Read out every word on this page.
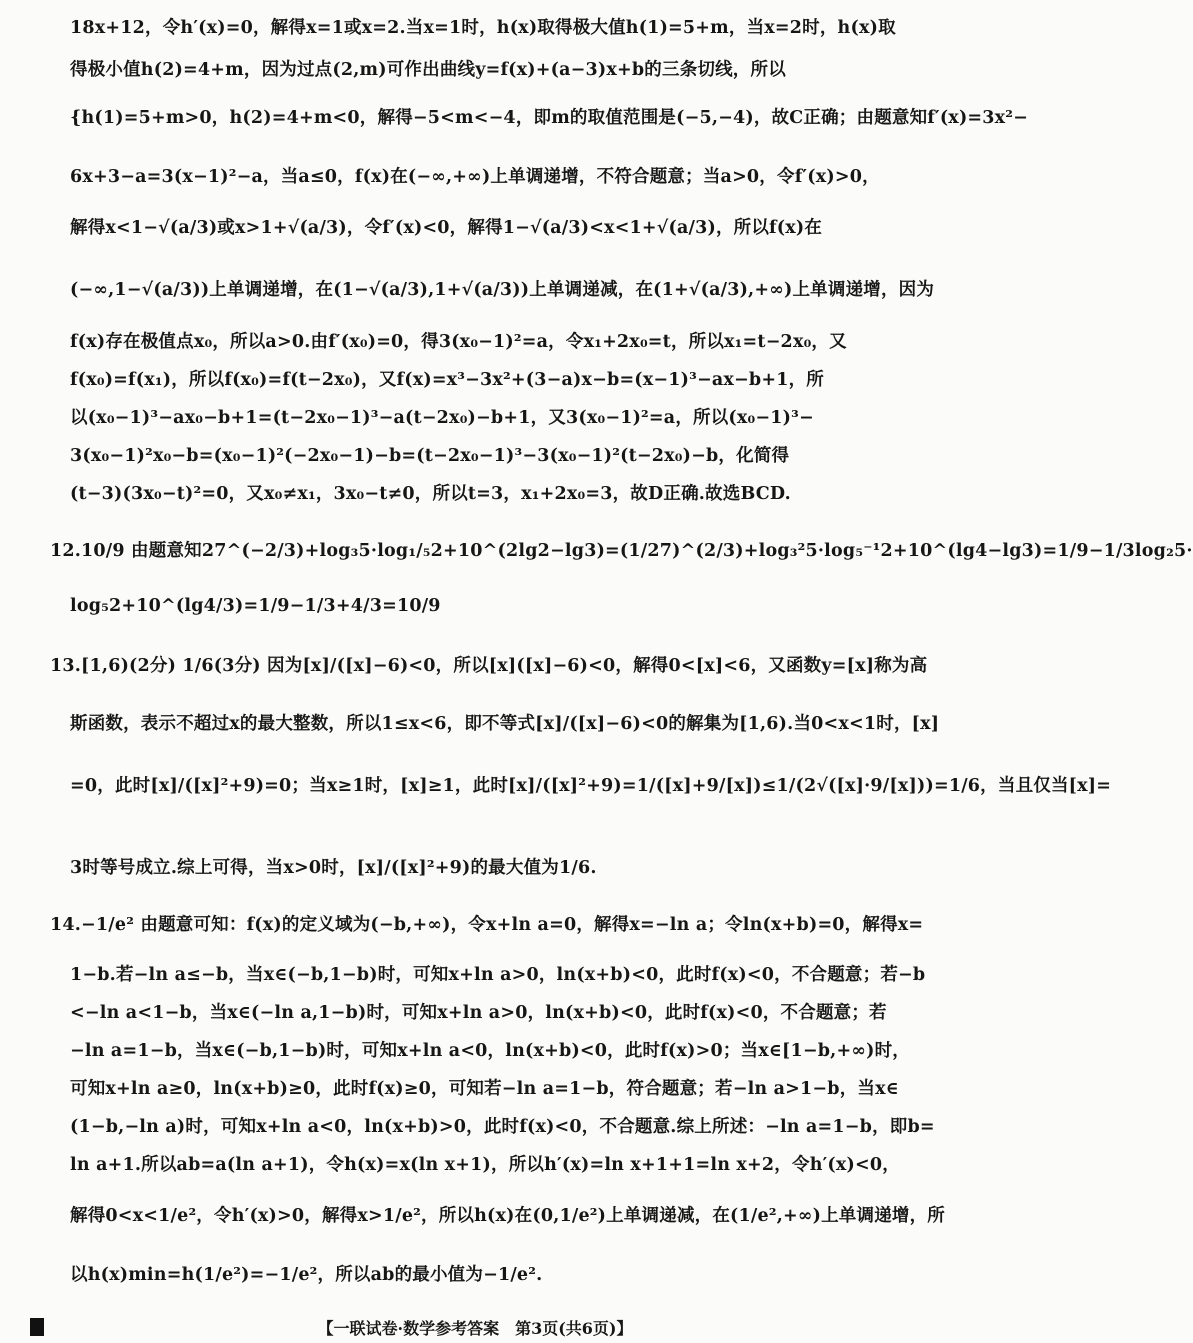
18x+12，令h′(x)=0，解得x=1或x=2.当x=1时，h(x)取得极大值h(1)=5+m，当x=2时，h(x)取
得极小值h(2)=4+m，因为过点(2,m)可作出曲线y=f(x)+(a−3)x+b的三条切线，所以
{h(1)=5+m>0，h(2)=4+m<0，解得−5<m<−4，即m的取值范围是(−5,−4)，故C正确；由题意知f′(x)=3x²−
6x+3−a=3(x−1)²−a，当a≤0，f(x)在(−∞,+∞)上单调递增，不符合题意；当a>0，令f′(x)>0，
解得x<1−√(a/3)或x>1+√(a/3)，令f′(x)<0，解得1−√(a/3)<x<1+√(a/3)，所以f(x)在
(−∞,1−√(a/3))上单调递增，在(1−√(a/3),1+√(a/3))上单调递减，在(1+√(a/3),+∞)上单调递增，因为
f(x)存在极值点x₀，所以a>0.由f′(x₀)=0，得3(x₀−1)²=a，令x₁+2x₀=t，所以x₁=t−2x₀，又
f(x₀)=f(x₁)，所以f(x₀)=f(t−2x₀)，又f(x)=x³−3x²+(3−a)x−b=(x−1)³−ax−b+1，所
以(x₀−1)³−ax₀−b+1=(t−2x₀−1)³−a(t−2x₀)−b+1，又3(x₀−1)²=a，所以(x₀−1)³−
3(x₀−1)²x₀−b=(x₀−1)²(−2x₀−1)−b=(t−2x₀−1)³−3(x₀−1)²(t−2x₀)−b，化简得
(t−3)(3x₀−t)²=0，又x₀≠x₁，3x₀−t≠0，所以t=3，x₁+2x₀=3，故D正确.故选BCD.
12.10/9 由题意知27^(−2/3)+log₃5·log₁/₅2+10^(2lg2−lg3)=(1/27)^(2/3)+log₃²5·log₅⁻¹2+10^(lg4−lg3)=1/9−1/3log₂5·
log₅2+10^(lg4/3)=1/9−1/3+4/3=10/9
13.[1,6)(2分) 1/6(3分) 因为[x]/([x]−6)<0，所以[x]([x]−6)<0，解得0<[x]<6，又函数y=[x]称为高
斯函数，表示不超过x的最大整数，所以1≤x<6，即不等式[x]/([x]−6)<0的解集为[1,6).当0<x<1时，[x]
=0，此时[x]/([x]²+9)=0；当x≥1时，[x]≥1，此时[x]/([x]²+9)=1/([x]+9/[x])≤1/(2√([x]·9/[x]))=1/6，当且仅当[x]=
3时等号成立.综上可得，当x>0时，[x]/([x]²+9)的最大值为1/6.
14.−1/e² 由题意可知：f(x)的定义域为(−b,+∞)，令x+ln a=0，解得x=−ln a；令ln(x+b)=0，解得x=
1−b.若−ln a≤−b，当x∈(−b,1−b)时，可知x+ln a>0，ln(x+b)<0，此时f(x)<0，不合题意；若−b
<−ln a<1−b，当x∈(−ln a,1−b)时，可知x+ln a>0，ln(x+b)<0，此时f(x)<0，不合题意；若
−ln a=1−b，当x∈(−b,1−b)时，可知x+ln a<0，ln(x+b)<0，此时f(x)>0；当x∈[1−b,+∞)时，
可知x+ln a≥0，ln(x+b)≥0，此时f(x)≥0，可知若−ln a=1−b，符合题意；若−ln a>1−b，当x∈
(1−b,−ln a)时，可知x+ln a<0，ln(x+b)>0，此时f(x)<0，不合题意.综上所述：−ln a=1−b，即b=
ln a+1.所以ab=a(ln a+1)，令h(x)=x(ln x+1)，所以h′(x)=ln x+1+1=ln x+2，令h′(x)<0，
解得0<x<1/e²，令h′(x)>0，解得x>1/e²，所以h(x)在(0,1/e²)上单调递减，在(1/e²,+∞)上单调递增，所
以h(x)min=h(1/e²)=−1/e²，所以ab的最小值为−1/e².
【一联试卷·数学参考答案　第3页(共6页)】
